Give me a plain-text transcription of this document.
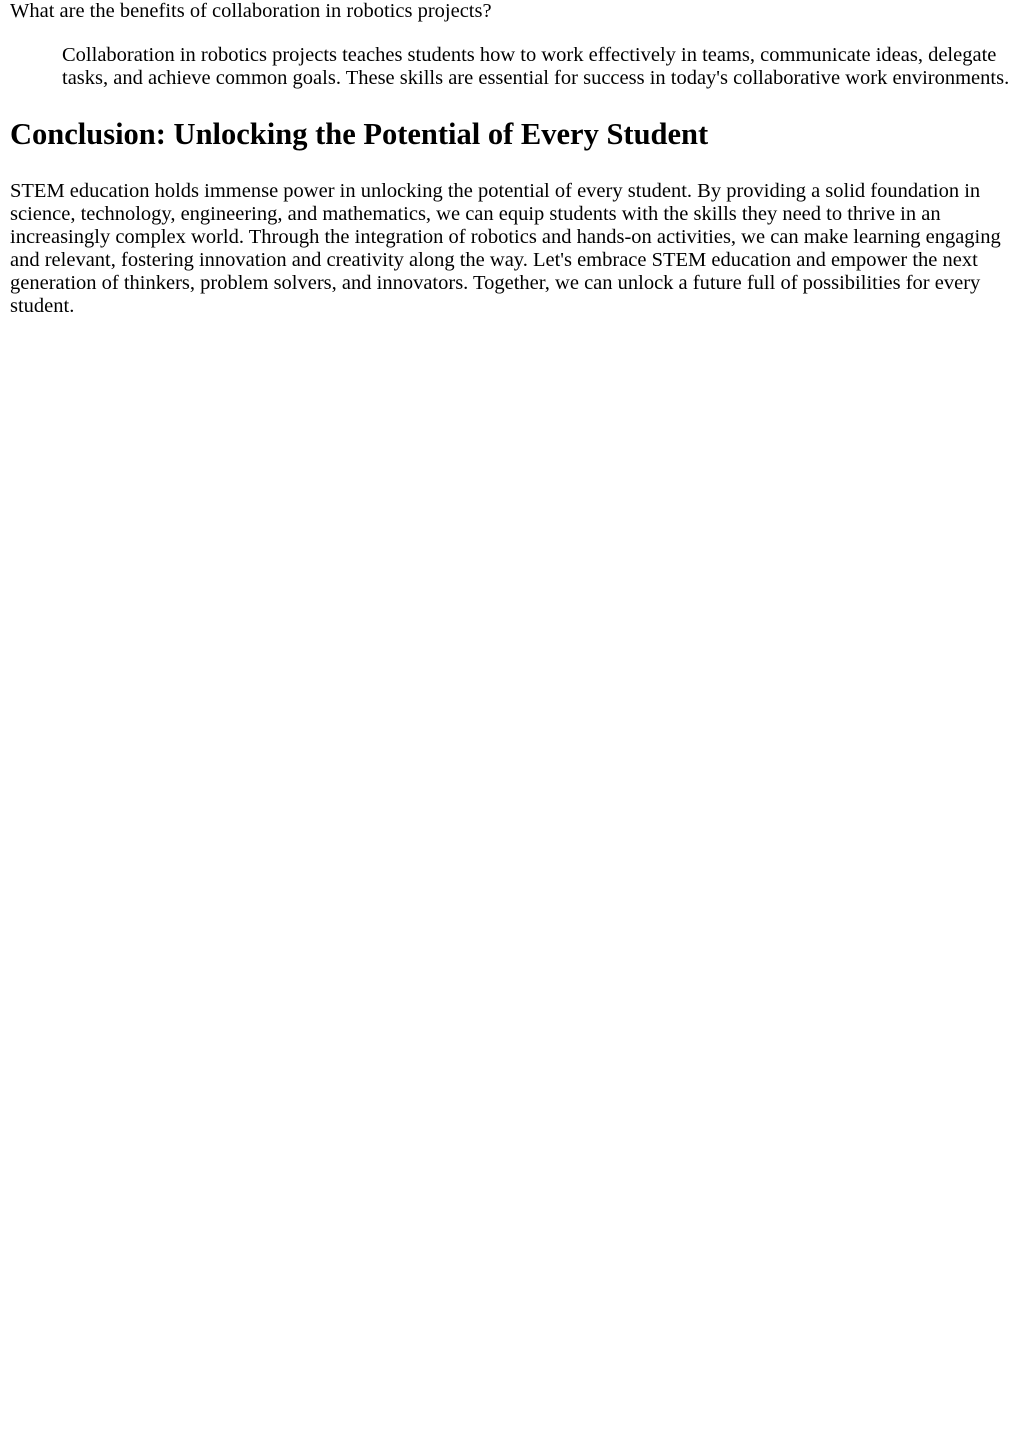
What are the benefits of collaboration in robotics projects?
Collaboration in robotics projects teaches students how to work effectively in teams, communicate ideas, delegate tasks, and achieve common goals. These skills are essential for success in today's collaborative work environments.
Conclusion: Unlocking the Potential of Every Student

STEM education holds immense power in unlocking the potential of every student. By providing a solid foundation in science, technology, engineering, and mathematics, we can equip students with the skills they need to thrive in an increasingly complex world. Through the integration of robotics and hands-on activities, we can make learning engaging and relevant, fostering innovation and creativity along the way. Let's embrace STEM education and empower the next generation of thinkers, problem solvers, and innovators. Together, we can unlock a future full of possibilities for every student.
